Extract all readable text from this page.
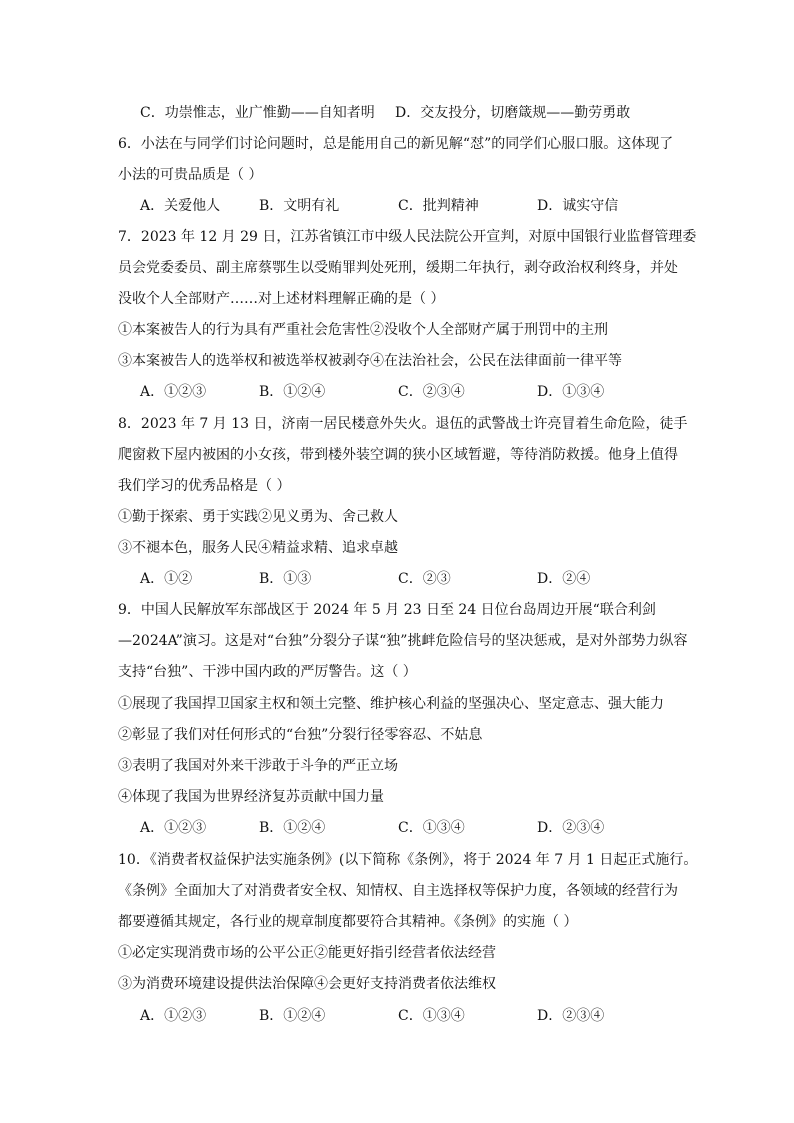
C．功崇惟志，业广惟勤——自知者明 D．交友投分，切磨箴规——勤劳勇敢
6．小法在与同学们讨论问题时，总是能用自己的新见解“怼”的同学们心服口服。这体现了
小法的可贵品质是（ ）
A．关爱他人	B．文明有礼	C．批判精神	D．诚实守信
7．2023 年 12 月 29 日，江苏省镇江市中级人民法院公开宣判，对原中国银行业监督管理委
员会党委委员、副主席蔡鄂生以受贿罪判处死刑，缓期二年执行，剥夺政治权利终身，并处
没收个人全部财产……对上述材料理解正确的是（ ）
①本案被告人的行为具有严重社会危害性②没收个人全部财产属于刑罚中的主刑
③本案被告人的选举权和被选举权被剥夺④在法治社会，公民在法律面前一律平等
A．①②③	B．①②④	C．②③④	D．①③④
8．2023 年 7 月 13 日，济南一居民楼意外失火。退伍的武警战士许亮冒着生命危险，徒手
爬窗救下屋内被困的小女孩，带到楼外装空调的狭小区域暂避，等待消防救援。他身上值得
我们学习的优秀品格是（ ）
①勤于探索、勇于实践②见义勇为、舍己救人
③不褪本色，服务人民④精益求精、追求卓越
A．①②	B．①③	C．②③	D．②④
9．中国人民解放军东部战区于 2024 年 5 月 23 日至 24 日位台岛周边开展“联合利剑
—2024A”演习。这是对“台独”分裂分子谋“独”挑衅危险信号的坚决惩戒，是对外部势力纵容
支持“台独”、干涉中国内政的严厉警告。这（ ）
①展现了我国捍卫国家主权和领土完整、维护核心利益的坚强决心、坚定意志、强大能力
②彰显了我们对任何形式的“台独”分裂行径零容忍、不姑息
③表明了我国对外来干涉敢于斗争的严正立场
④体现了我国为世界经济复苏贡献中国力量
A．①②③	B．①②④	C．①③④	D．②③④
10．《消费者权益保护法实施条例》(以下简称《条例》，将于 2024 年 7 月 1 日起正式施行。
《条例》全面加大了对消费者安全权、知情权、自主选择权等保护力度，各领域的经营行为
都要遵循其规定，各行业的规章制度都要符合其精神。《条例》的实施（ ）
①必定实现消费市场的公平公正②能更好指引经营者依法经营
③为消费环境建设提供法治保障④会更好支持消费者依法维权
A．①②③	B．①②④	C．①③④	D．②③④
